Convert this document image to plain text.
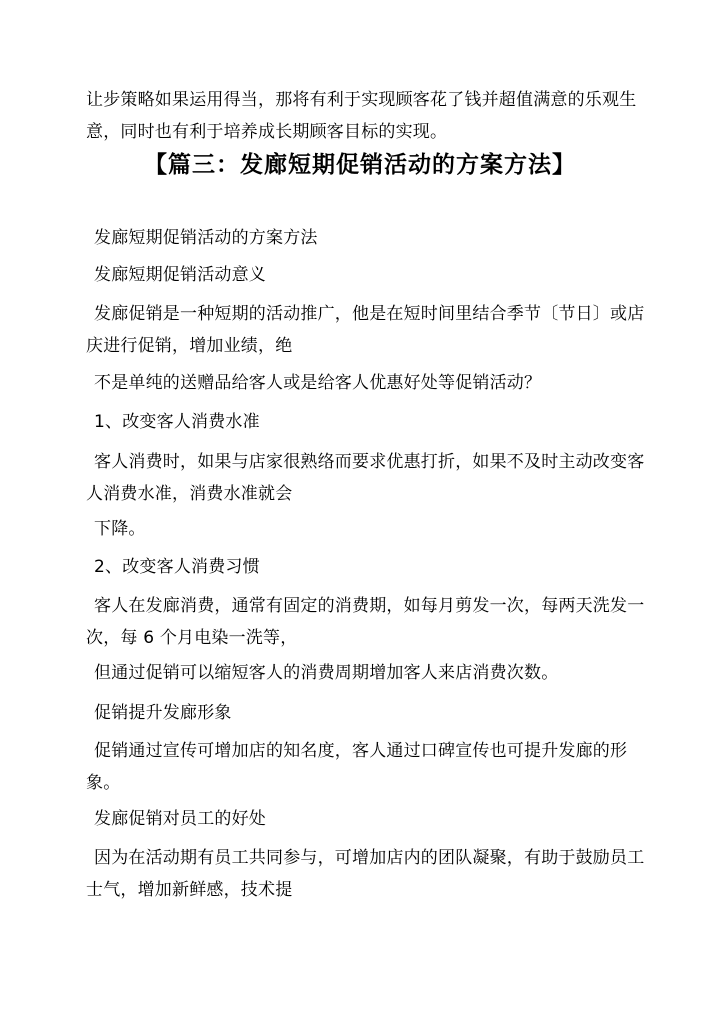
让步策略如果运用得当，那将有利于实现顾客花了钱并超值满意的乐观生意，同时也有利于培养成长期顾客目标的实现。

【篇三：发廊短期促销活动的方案方法】

发廊短期促销活动的方案方法

发廊短期促销活动意义

发廊促销是一种短期的活动推广，他是在短时间里结合季节〔节日〕或店庆进行促销，增加业绩，绝

不是单纯的送赠品给客人或是给客人优惠好处等促销活动？

1、改变客人消费水准

客人消费时，如果与店家很熟络而要求优惠打折，如果不及时主动改变客人消费水准，消费水准就会

下降。

2、改变客人消费习惯

客人在发廊消费，通常有固定的消费期，如每月剪发一次，每两天洗发一次，每 6 个月电染一洗等，

但通过促销可以缩短客人的消费周期增加客人来店消费次数。

促销提升发廊形象

促销通过宣传可增加店的知名度，客人通过口碑宣传也可提升发廊的形象。

发廊促销对员工的好处

因为在活动期有员工共同参与，可增加店内的团队凝聚，有助于鼓励员工士气，增加新鲜感，技术提
